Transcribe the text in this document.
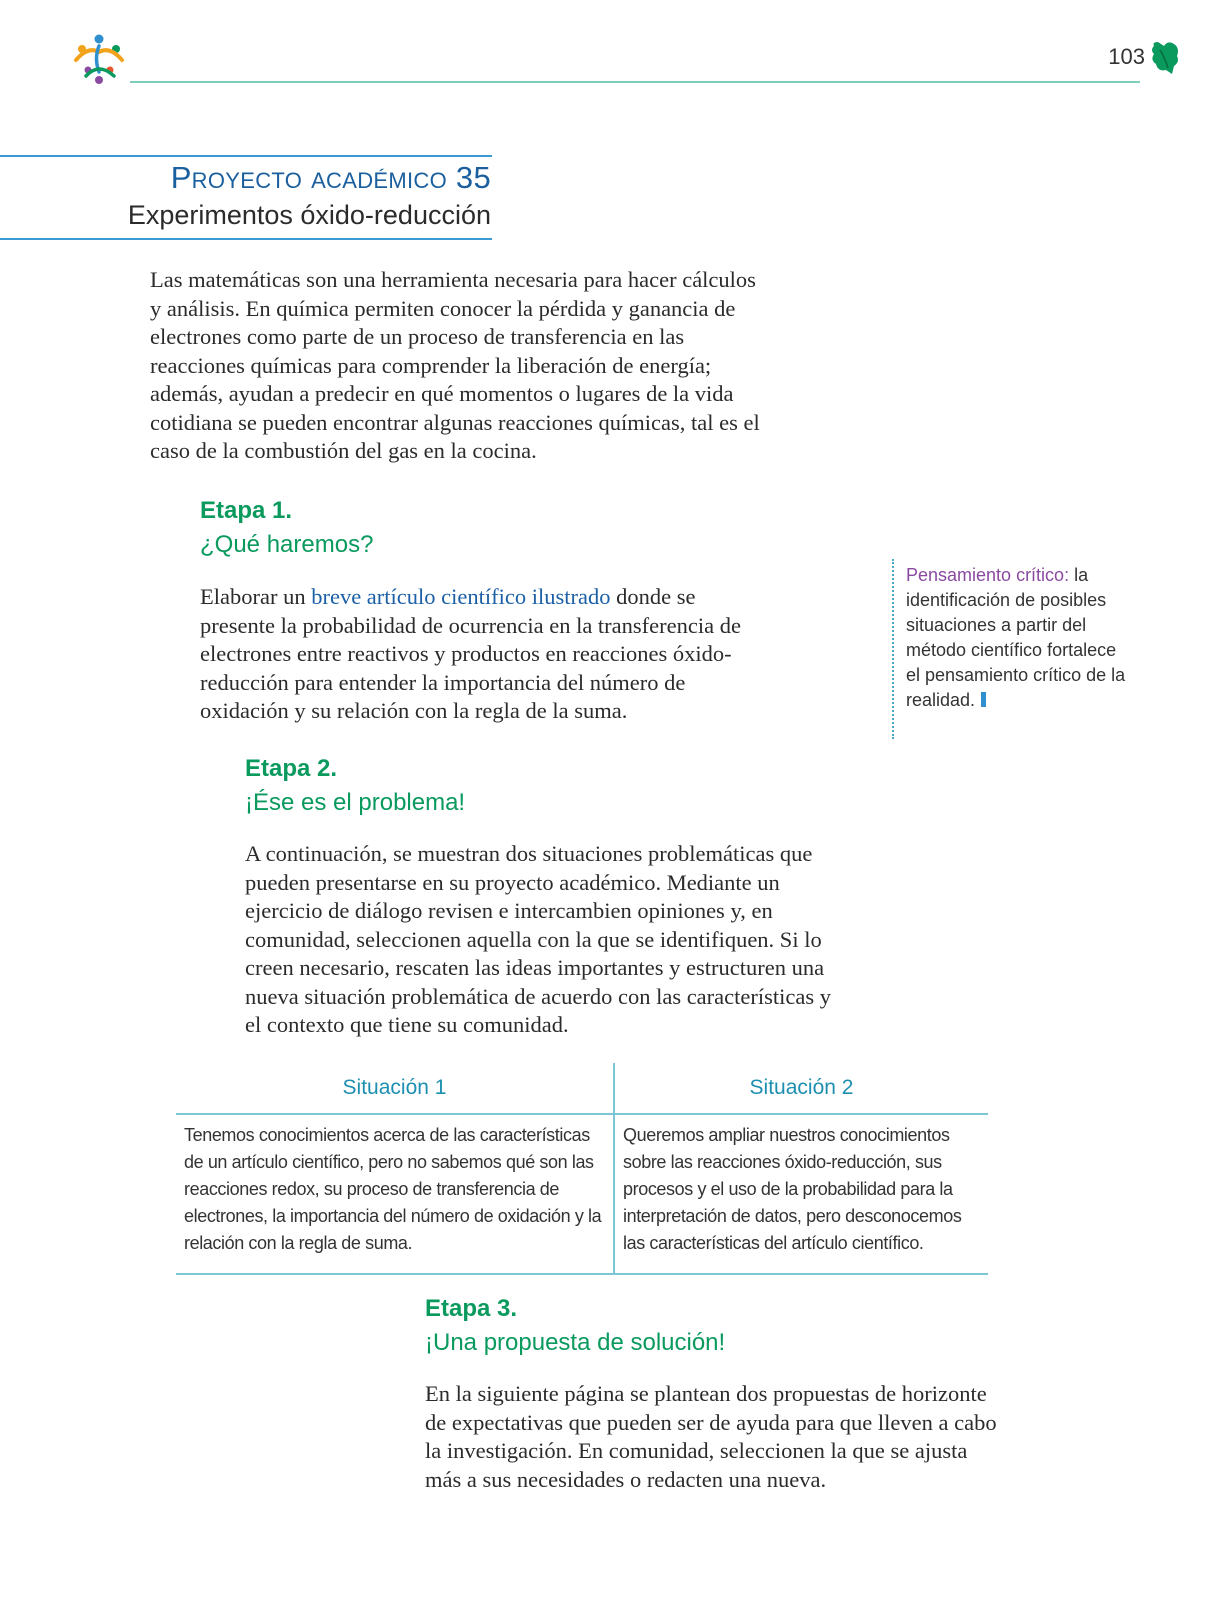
103
Proyecto académico 35
Experimentos óxido-reducción
Las matemáticas son una herramienta necesaria para hacer cálculos y análisis. En química permiten conocer la pérdida y ganancia de electrones como parte de un proceso de transferencia en las reacciones químicas para comprender la liberación de energía; además, ayudan a predecir en qué momentos o lugares de la vida cotidiana se pueden encontrar algunas reacciones químicas, tal es el caso de la combustión del gas en la cocina.
Etapa 1.
¿Qué haremos?
Elaborar un breve artículo científico ilustrado donde se presente la probabilidad de ocurrencia en la transferencia de electrones entre reactivos y productos en reacciones óxido-reducción para entender la importancia del número de oxidación y su relación con la regla de la suma.
Pensamiento crítico: la identificación de posibles situaciones a partir del método científico fortalece el pensamiento crítico de la realidad.
Etapa 2.
¡Ése es el problema!
A continuación, se muestran dos situaciones problemáticas que pueden presentarse en su proyecto académico. Mediante un ejercicio de diálogo revisen e intercambien opiniones y, en comunidad, seleccionen aquella con la que se identifiquen. Si lo creen necesario, rescaten las ideas importantes y estructuren una nueva situación problemática de acuerdo con las características y el contexto que tiene su comunidad.
Situación 1	Situación 2
Tenemos conocimientos acerca de las características de un artículo científico, pero no sabemos qué son las reacciones redox, su proceso de transferencia de electrones, la importancia del número de oxidación y la relación con la regla de suma.
Queremos ampliar nuestros conocimientos sobre las reacciones óxido-reducción, sus procesos y el uso de la probabilidad para la interpretación de datos, pero desconocemos las características del artículo científico.
Etapa 3.
¡Una propuesta de solución!
En la siguiente página se plantean dos propuestas de horizonte de expectativas que pueden ser de ayuda para que lleven a cabo la investigación. En comunidad, seleccionen la que se ajusta más a sus necesidades o redacten una nueva.
